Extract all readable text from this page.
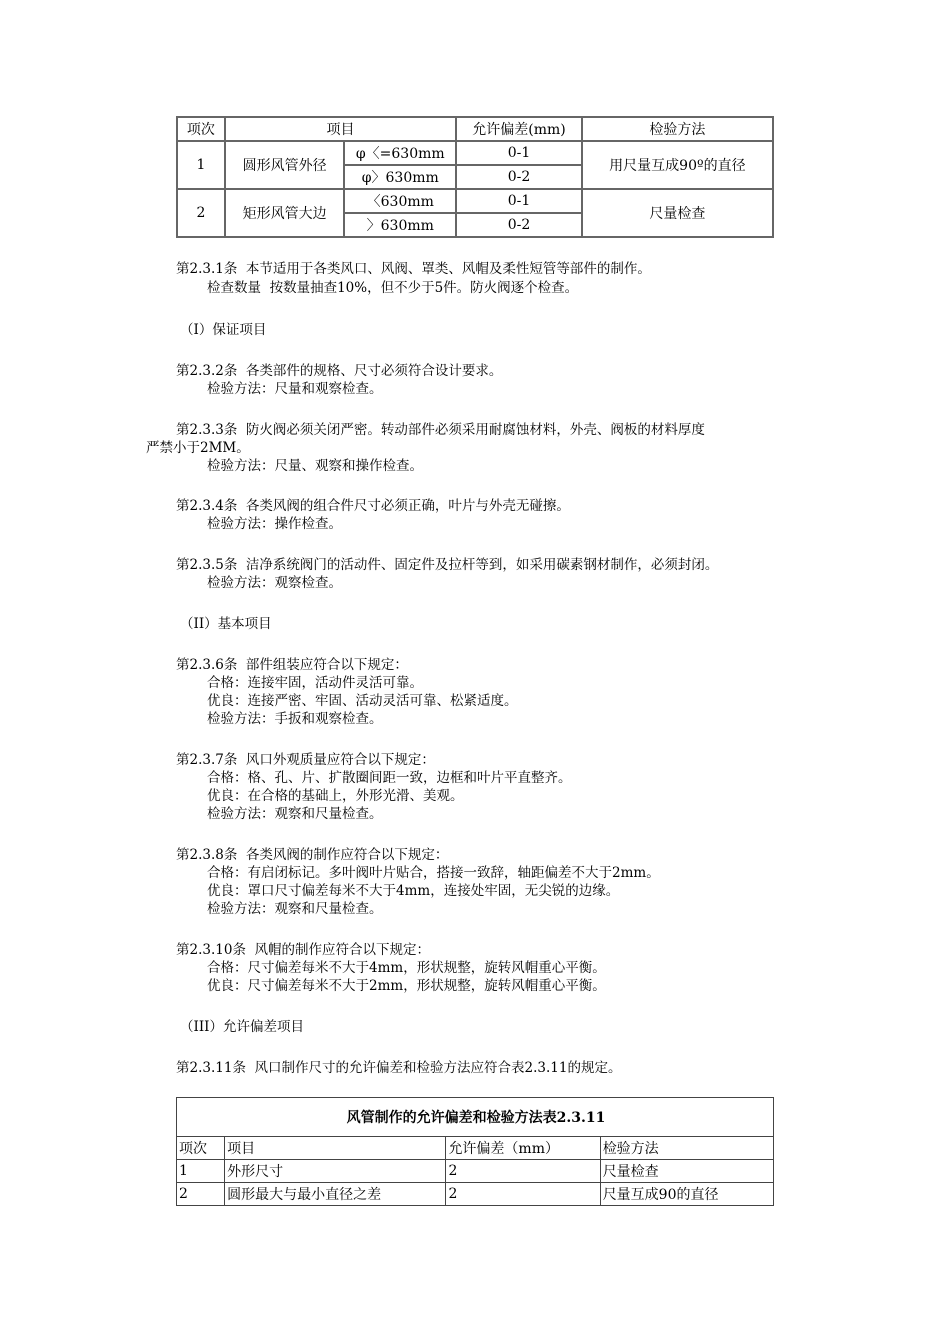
项次	项目		允许偏差(mm)	检验方法
1	圆形风管外径	φ〈=630mm	0-1	用尺量互成90º的直径
		φ〉630mm	0-2	
2	矩形风管大边	〈630mm	0-1	尺量检查
		〉630mm	0-2	
第2.3.1条  本节适用于各类风口、风阀、罩类、风帽及柔性短管等部件的制作。
检查数量  按数量抽查10%，但不少于5件。防火阀逐个检查。
（I）保证项目
第2.3.2条  各类部件的规格、尺寸必须符合设计要求。
检验方法：尺量和观察检查。
第2.3.3条  防火阀必须关闭严密。转动部件必须采用耐腐蚀材料，外壳、阀板的材料厚度
严禁小于2MM。
检验方法：尺量、观察和操作检查。
第2.3.4条  各类风阀的组合件尺寸必须正确，叶片与外壳无碰擦。
检验方法：操作检查。
第2.3.5条  洁净系统阀门的活动件、固定件及拉杆等到，如采用碳素钢材制作，必须封闭。
检验方法：观察检查。
（II）基本项目
第2.3.6条  部件组装应符合以下规定：
合格：连接牢固，活动件灵活可靠。
优良：连接严密、牢固、活动灵活可靠、松紧适度。
检验方法：手扳和观察检查。
第2.3.7条  风口外观质量应符合以下规定：
合格：格、孔、片、扩散圈间距一致，边框和叶片平直整齐。
优良：在合格的基础上，外形光滑、美观。
检验方法：观察和尺量检查。
第2.3.8条  各类风阀的制作应符合以下规定：
合格：有启闭标记。多叶阀叶片贴合，搭接一致辞，轴距偏差不大于2mm。
优良：罩口尺寸偏差每米不大于4mm，连接处牢固，无尖锐的边缘。
检验方法：观察和尺量检查。
第2.3.10条  风帽的制作应符合以下规定：
合格：尺寸偏差每米不大于4mm，形状规整，旋转风帽重心平衡。
优良：尺寸偏差每米不大于2mm，形状规整，旋转风帽重心平衡。
（III）允许偏差项目
第2.3.11条  风口制作尺寸的允许偏差和检验方法应符合表2.3.11的规定。
风管制作的允许偏差和检验方法表2.3.11			
项次	项目	允许偏差（mm）	检验方法
1	外形尺寸	2	尺量检查
2	圆形最大与最小直径之差	2	尺量互成90的直径
